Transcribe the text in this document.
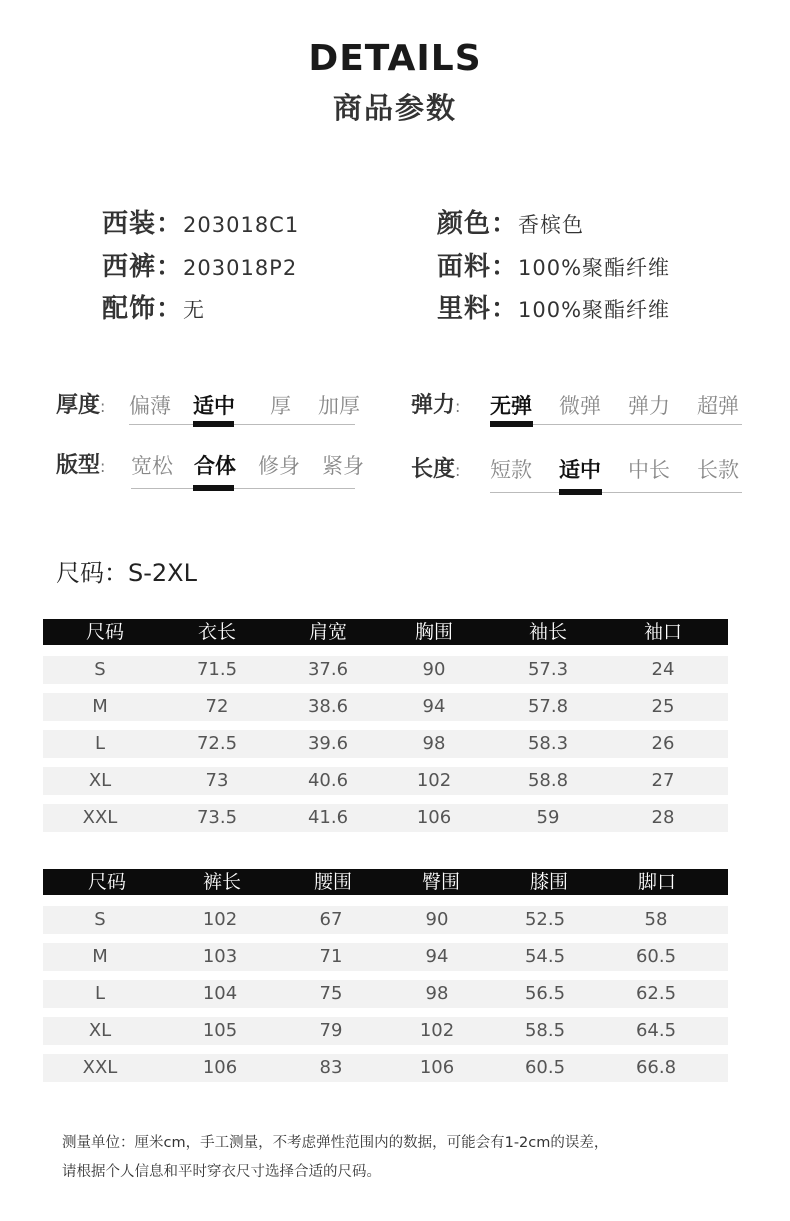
DETAILS
商品参数
西装：203018C1
西裤：203018P2
配饰：无
颜色：香槟色
面料：100%聚酯纤维
里料：100%聚酯纤维
厚度: 偏薄 适中 厚 加厚 弹力: 无弹 微弹 弹力 超弹
版型: 宽松 合体 修身 紧身 长度: 短款 适中 中长 长款
尺码：S-2XL
尺码	衣长	肩宽	胸围	袖长	袖口
S	71.5	37.6	90	57.3	24
M	72	38.6	94	57.8	25
L	72.5	39.6	98	58.3	26
XL	73	40.6	102	58.8	27
XXL	73.5	41.6	106	59	28
尺码	裤长	腰围	臀围	膝围	脚口
S	102	67	90	52.5	58
M	103	71	94	54.5	60.5
L	104	75	98	56.5	62.5
XL	105	79	102	58.5	64.5
XXL	106	83	106	60.5	66.8
测量单位：厘米cm，手工测量，不考虑弹性范围内的数据，可能会有1-2cm的误差，
请根据个人信息和平时穿衣尺寸选择合适的尺码。
